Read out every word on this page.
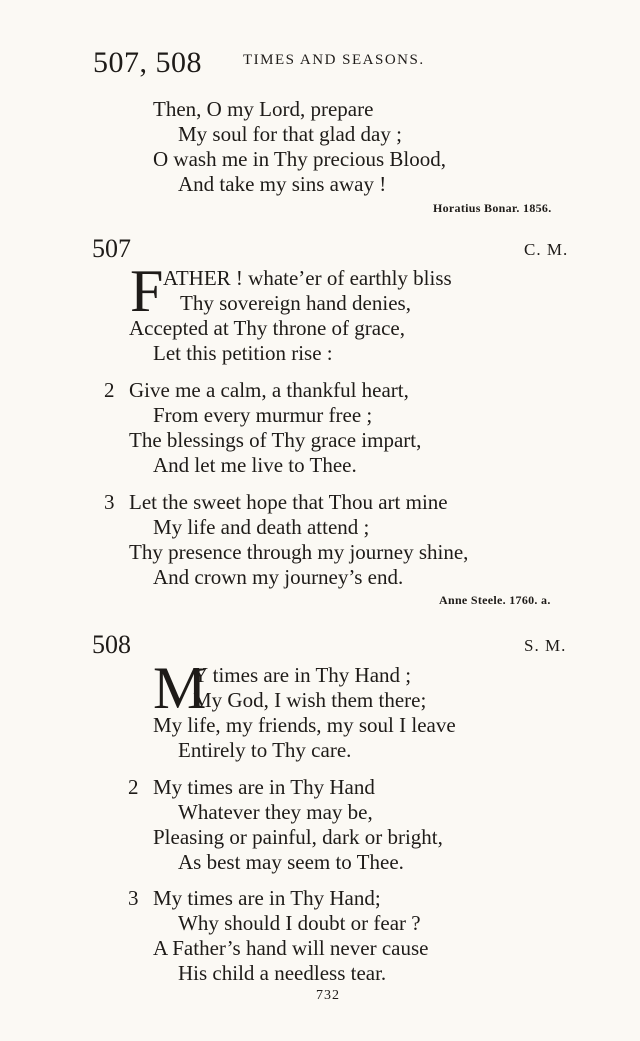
507, 508	TIMES AND SEASONS.
Then, O my Lord, prepare
My soul for that glad day ;
O wash me in Thy precious Blood,
And take my sins away !
Horatius Bonar. 1856.
507	C. M.
F ATHER ! whate’er of earthly bliss
Thy sovereign hand denies,
Accepted at Thy throne of grace,
Let this petition rise :
2 Give me a calm, a thankful heart,
From every murmur free ;
The blessings of Thy grace impart,
And let me live to Thee.
3 Let the sweet hope that Thou art mine
My life and death attend ;
Thy presence through my journey shine,
And crown my journey’s end.
Anne Steele. 1760. a.
508	S. M.
M
Y times are in Thy Hand ;
My God, I wish them there;
My life, my friends, my soul I leave
Entirely to Thy care.
2 My times are in Thy Hand
Whatever they may be,
Pleasing or painful, dark or bright,
As best may seem to Thee.
3 My times are in Thy Hand;
Why should I doubt or fear ?
A Father’s hand will never cause
His child a needless tear.
732
